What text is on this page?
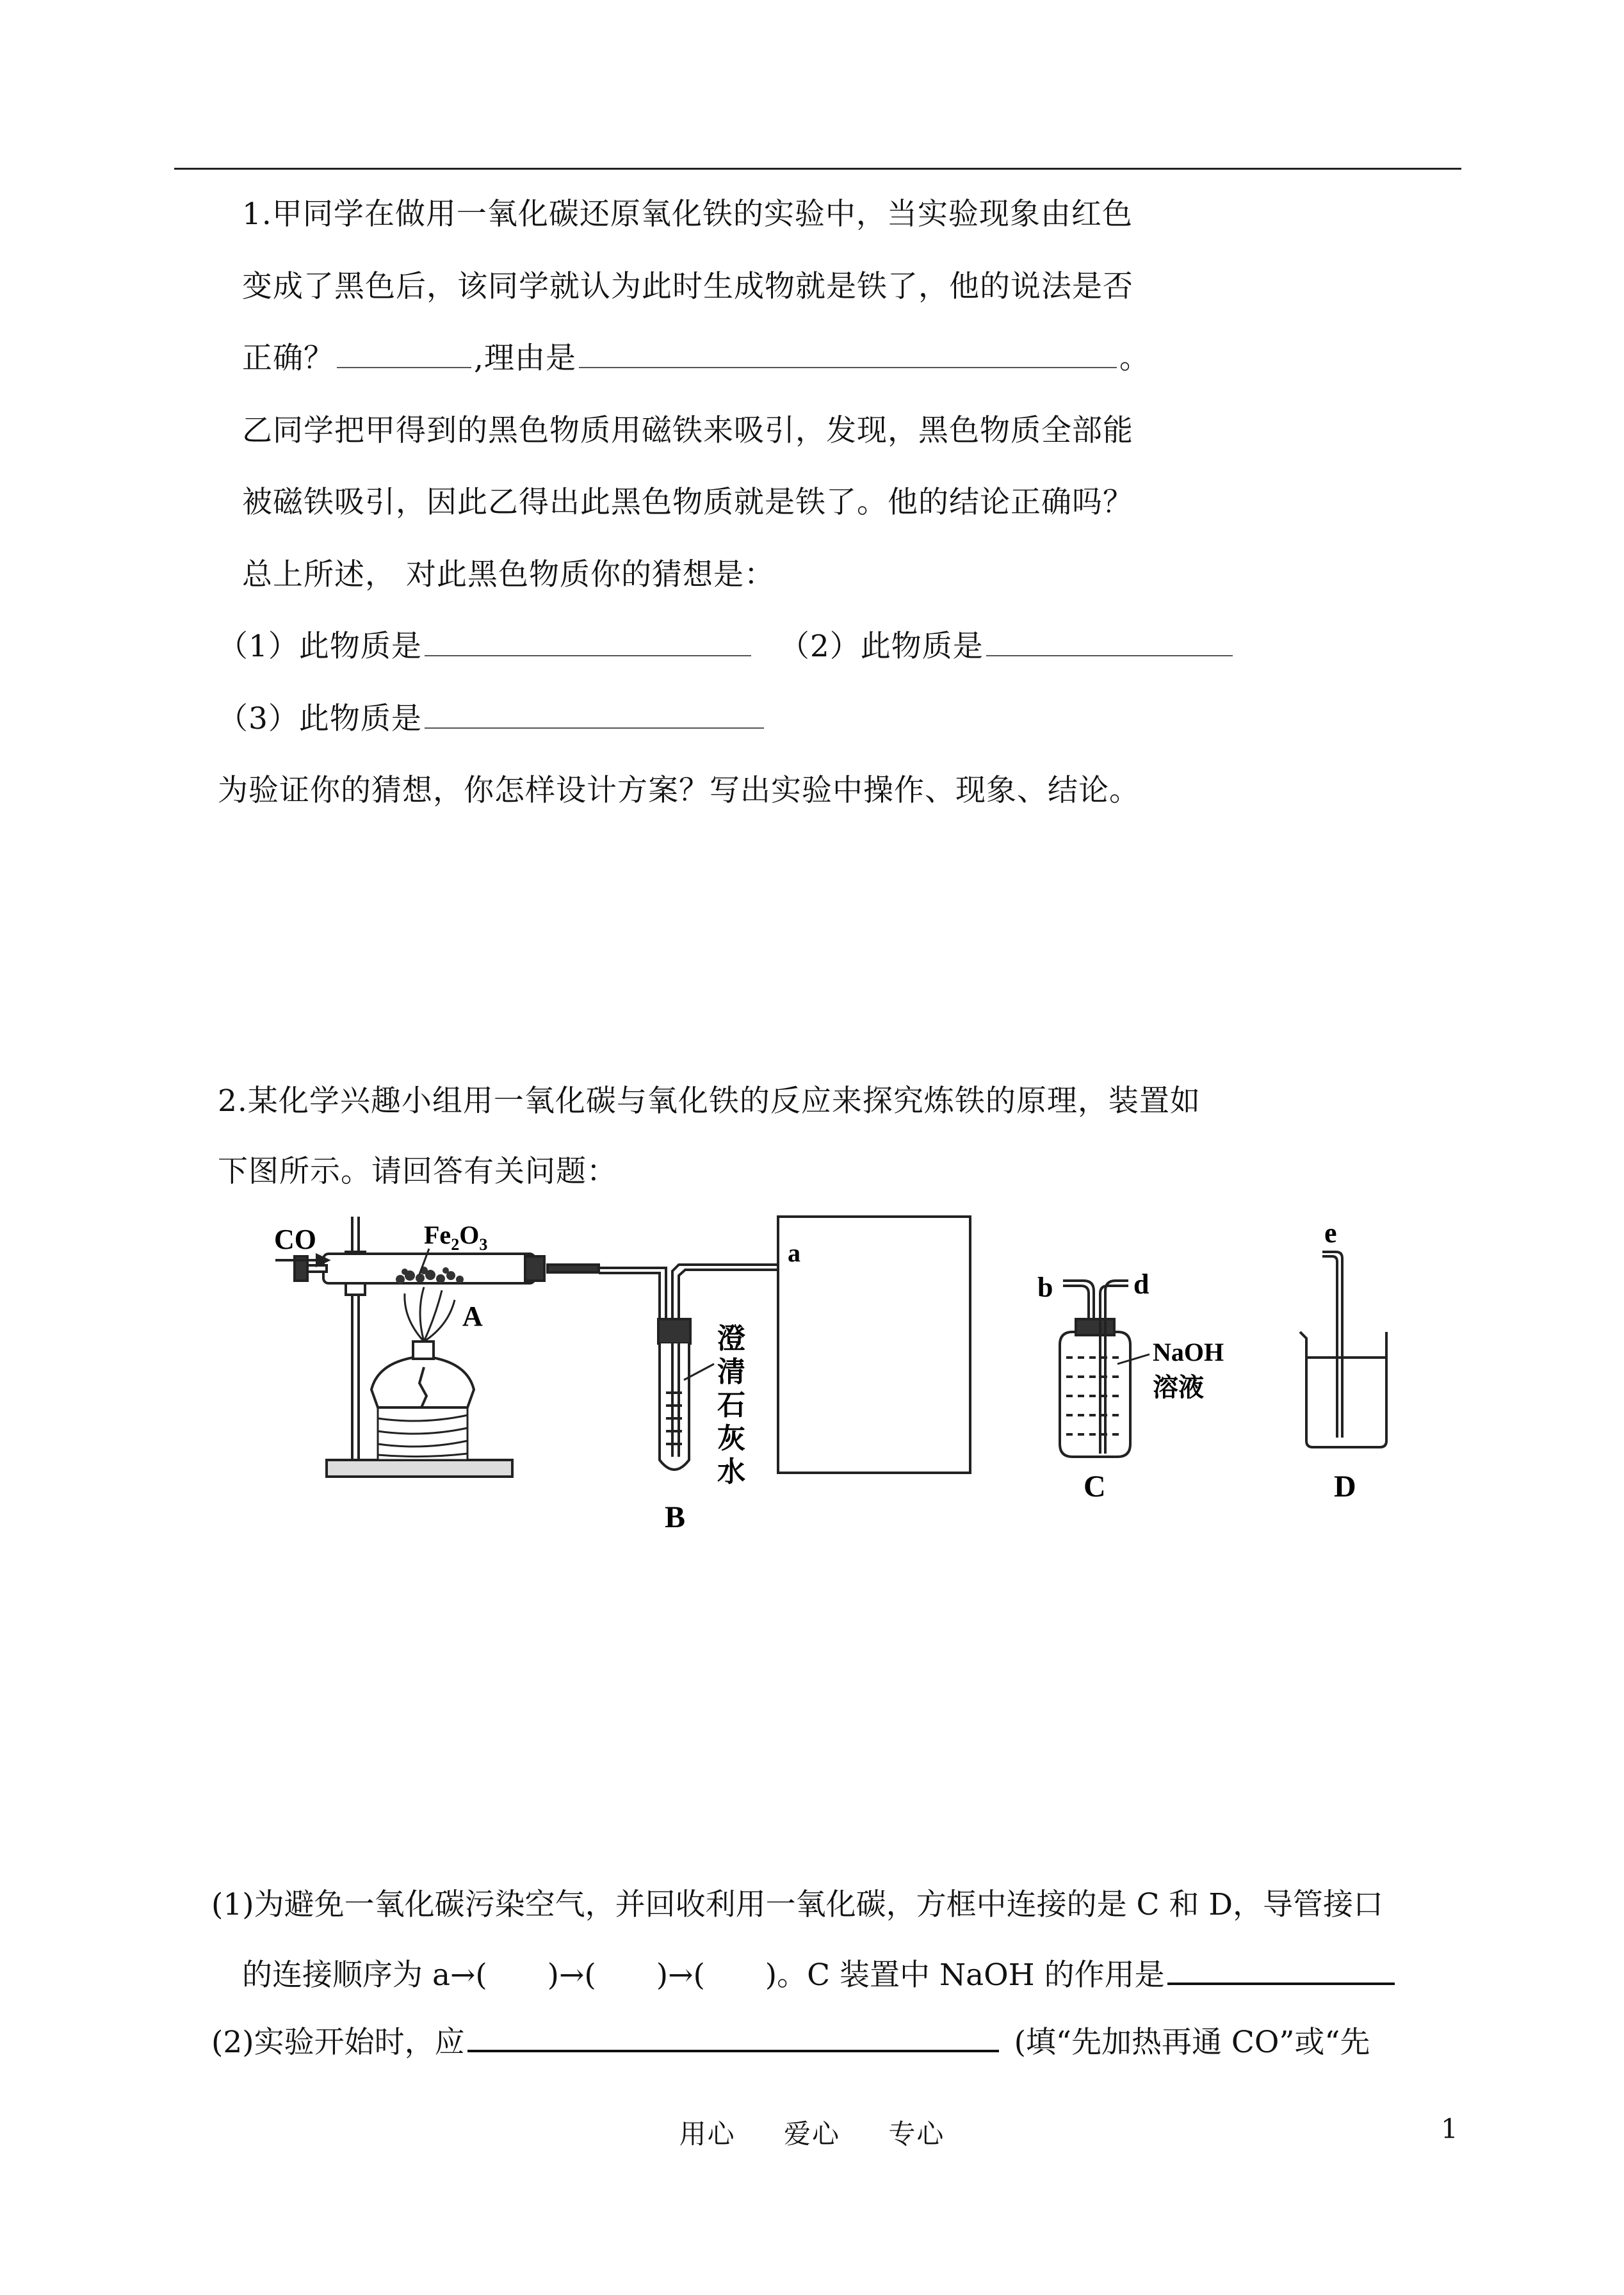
1.甲同学在做用一氧化碳还原氧化铁的实验中，当实验现象由红色
变成了黑色后，该同学就认为此时生成物就是铁了，他的说法是否
正确？	,理由是	。
乙同学把甲得到的黑色物质用磁铁来吸引，发现，黑色物质全部能
被磁铁吸引，因此乙得出此黑色物质就是铁了。他的结论正确吗？
总上所述， 对此黑色物质你的猜想是：
（1）此物质是	（2）此物质是
（3）此物质是
为验证你的猜想，你怎样设计方案？写出实验中操作、现象、结论。
2.某化学兴趣小组用一氧化碳与氧化铁的反应来探究炼铁的原理，装置如
下图所示。请回答有关问题：
CO	$Fe_2O_3$
A
澄
清
石
灰
水
B
a
b	d
NaOH
溶液
C
e
D
(1)为避免一氧化碳污染空气，并回收利用一氧化碳，方框中连接的是 C 和 D，导管接口
的连接顺序为 a→(　　)→(　　)→(　　)。C 装置中 NaOH 的作用是
(2)实验开始时，应	(填“先加热再通 CO”或“先
用心 爱心 专心	1
